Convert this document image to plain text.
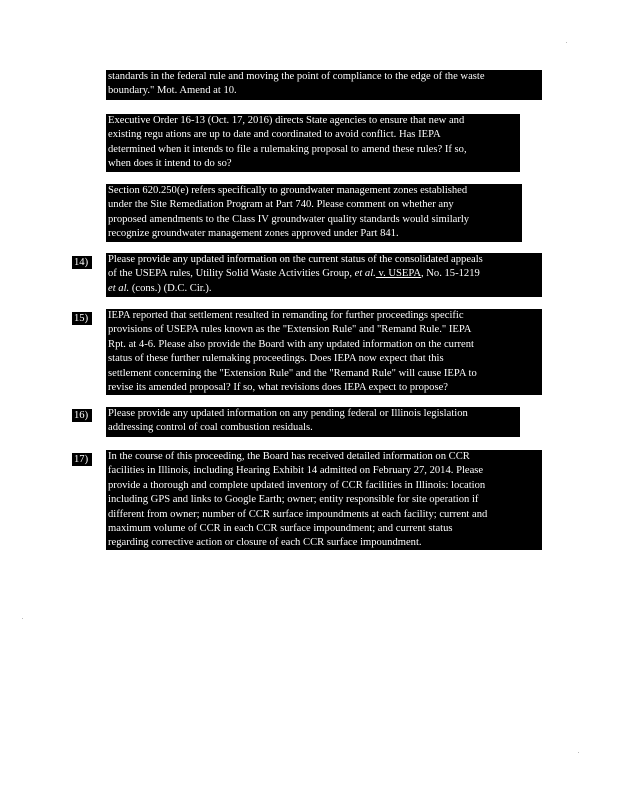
standards in the federal rule and moving the point of compliance to the edge of the waste
boundary." Mot. Amend at 10.
Executive Order 16-13 (Oct. 17, 2016) directs State agencies to ensure that new and
existing regu ations are up to date and coordinated to avoid conflict. Has IEPA
determined when it intends to file a rulemaking proposal to amend these rules? If so,
when does it intend to do so?
Section 620.250(e) refers specifically to groundwater management zones established
under the Site Remediation Program at Part 740. Please comment on whether any
proposed amendments to the Class IV groundwater quality standards would similarly
recognize groundwater management zones approved under Part 841.
14)	Please provide any updated information on the current status of the consolidated appeals
of the USEPA rules, Utility Solid Waste Activities Group, et al. v. USEPA, No. 15-1219
et al. (cons.) (D.C. Cir.).
15)	IEPA reported that settlement resulted in remanding for further proceedings specific
provisions of USEPA rules known as the "Extension Rule" and "Remand Rule." IEPA
Rpt. at 4-6. Please also provide the Board with any updated information on the current
status of these further rulemaking proceedings. Does IEPA now expect that this
settlement concerning the "Extension Rule" and the "Remand Rule" will cause IEPA to
revise its amended proposal? If so, what revisions does IEPA expect to propose?
16)	Please provide any updated information on any pending federal or Illinois legislation
addressing control of coal combustion residuals.
17)	In the course of this proceeding, the Board has received detailed information on CCR
facilities in Illinois, including Hearing Exhibit 14 admitted on February 27, 2014. Please
provide a thorough and complete updated inventory of CCR facilities in Illinois: location
including GPS and links to Google Earth; owner; entity responsible for site operation if
different from owner; number of CCR surface impoundments at each facility; current and
maximum volume of CCR in each CCR surface impoundment; and current status
regarding corrective action or closure of each CCR surface impoundment.
